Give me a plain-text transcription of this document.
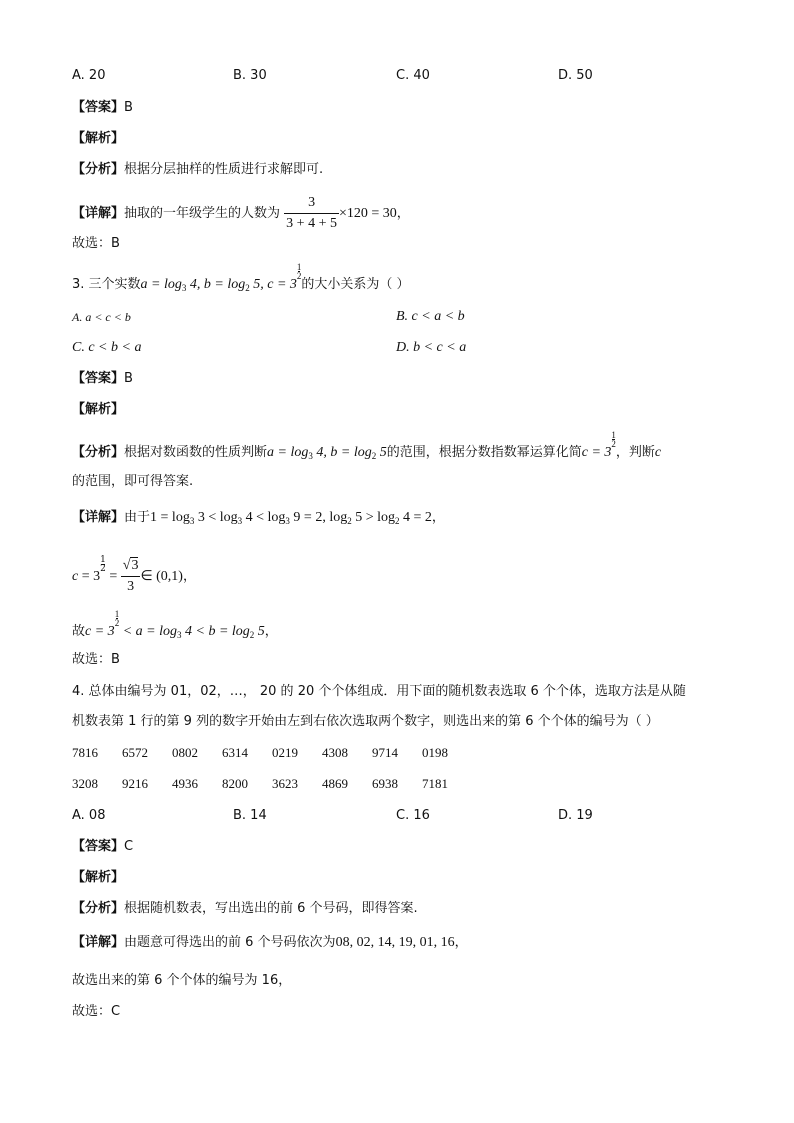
A. 20	B. 30	C. 40	D. 50
【答案】B
【解析】
【分析】根据分层抽样的性质进行求解即可.
【详解】抽取的一年级学生的人数为 $\frac{3}{3 + 4 + 5} \times 120 = 30$，
故选：B
3. 三个实数$a = \log_3 4$, $b = \log_2 5$, c = 3
$\frac{1}{2}$
的大小关系为（ ）
A. a < c < b	B. c < a < b
C. c < b < a	D. b < c < a
【答案】B
【解析】
【分析】根据对数函数的性质判断$a = \log_3 4$, $b = \log_2 5$的范围，根据分数指数幂运算化简c = 3
$\frac{1}{2}$
，判断c
的范围，即可得答案.
【详解】由于$1 = \log_3 3 < \log_3 4 < \log_3 9 = 2$, $\log_2 5 > \log_2 4 = 2$，
c = 3
$\frac{1}{2}$
= $\frac{√3}{3}$ ∈ (0,1)，
故c = 3
$\frac{1}{2}$
< $a = \log_3 4 < b = \log_2 5$，
故选：B
4. 总体由编号为 01，02，…， 20 的 20 个个体组成．用下面的随机数表选取 6 个个体，选取方法是从随
机数表第 1 行的第 9 列的数字开始由左到右依次选取两个数字，则选出来的第 6 个个体的编号为（ ）
7816 6572 0802 6314 0219 4308 9714 0198
3208 9216 4936 8200 3623 4869 6938 7181
A. 08	B. 14	C. 16	D. 19
【答案】C
【解析】
【分析】根据随机数表，写出选出的前 6 个号码，即得答案.
【详解】由题意可得选出的前 6 个号码依次为08, 02, 14, 19, 01, 16，
故选出来的第 6 个个体的编号为 16，
故选：C
